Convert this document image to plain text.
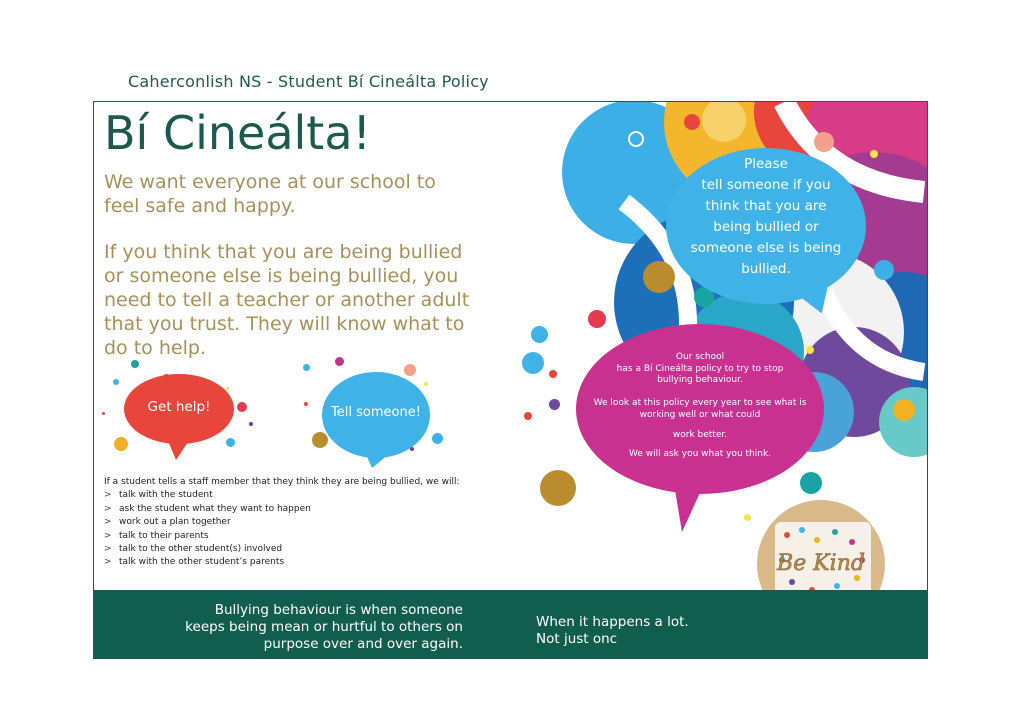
Caherconlish NS - Student Bí Cineálta Policy
Bí Cineálta!
We want everyone at our school to feel safe and happy.
If you think that you are being bullied or someone else is being bullied, you need to tell a teacher or another adult that you trust. They will know what to do to help.
Get help!	Tell someone!
Please
tell someone if you
think that you are
being bullied or
someone else is being
bullied.
Our school
has a Bí Cineálta policy to try to stop
bullying behaviour.
We look at this policy every year to see what is
working well or what could
work better.
We will ask you what you think.
Be Kind
If a student tells a staff member that they think they are being bullied, we will:
> talk with the student
> ask the student what they want to happen
> work out a plan together
> talk to their parents
> talk to the other student(s) involved
> talk with the other student’s parents
Bullying behaviour is when someone
keeps being mean or hurtful to others on
purpose over and over again.
When it happens a lot.
Not just onc
